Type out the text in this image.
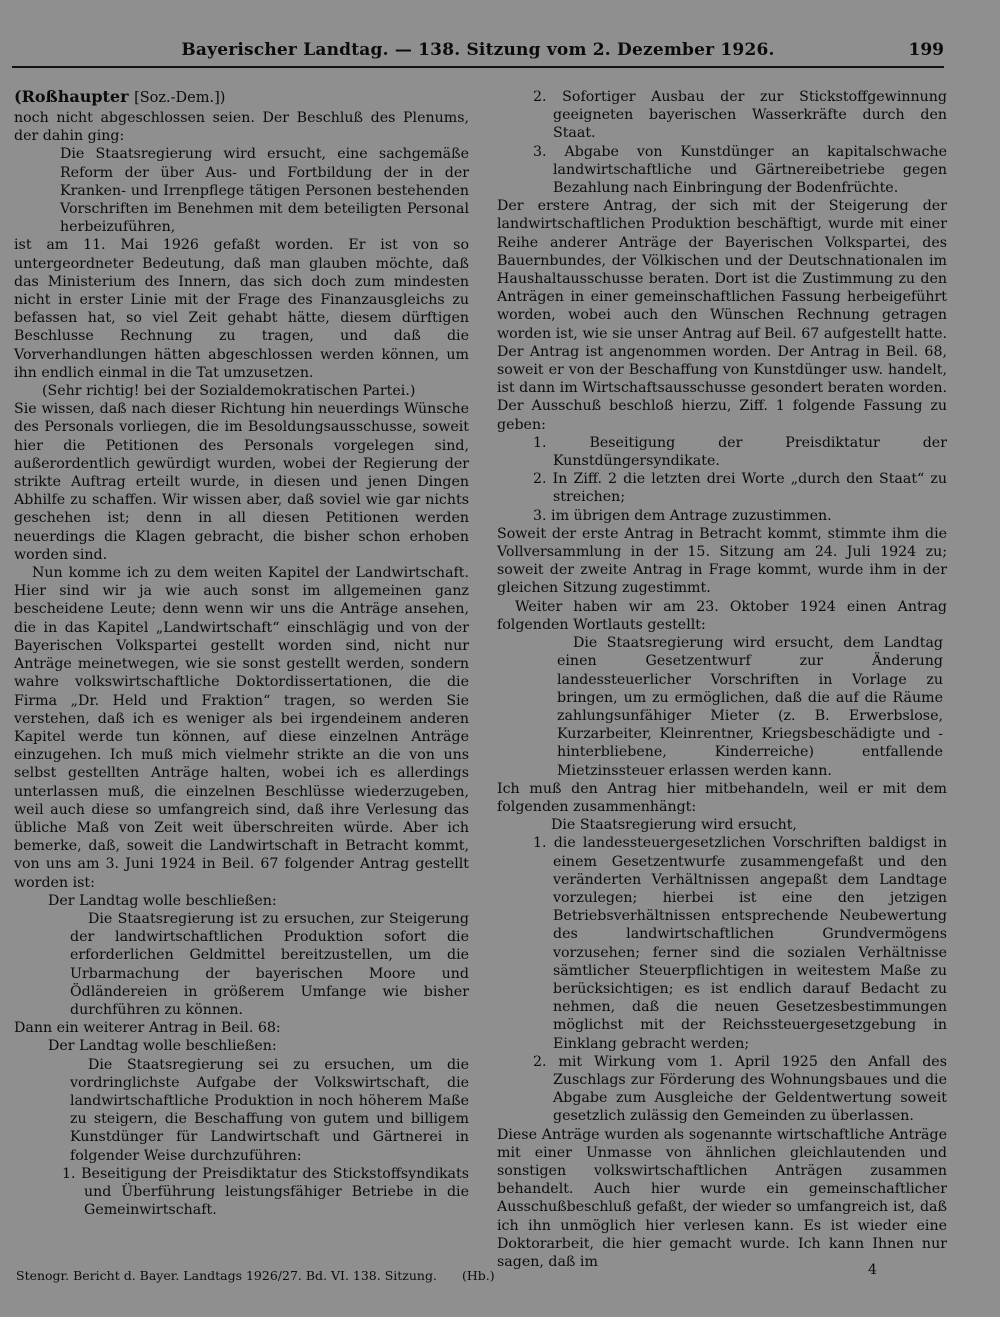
Bayerischer Landtag. — 138. Sitzung vom 2. Dezember 1926.	199

(Roßhaupter [Soz.-Dem.])

noch nicht abgeschlossen seien. Der Beschluß des Plenums, der dahin ging:

Die Staatsregierung wird ersucht, eine sachgemäße Reform der über Aus- und Fortbildung der in der Kranken- und Irrenpflege tätigen Personen bestehenden Vorschriften im Benehmen mit dem beteiligten Personal herbeizuführen,

ist am 11. Mai 1926 gefaßt worden. Er ist von so untergeordneter Bedeutung, daß man glauben möchte, daß das Ministerium des Innern, das sich doch zum mindesten nicht in erster Linie mit der Frage des Finanzausgleichs zu befassen hat, so viel Zeit gehabt hätte, diesem dürftigen Beschlusse Rechnung zu tragen, und daß die Vorverhandlungen hätten abgeschlossen werden können, um ihn endlich einmal in die Tat umzusetzen.

(Sehr richtig! bei der Sozialdemokratischen Partei.)

Sie wissen, daß nach dieser Richtung hin neuerdings Wünsche des Personals vorliegen, die im Besoldungsausschusse, soweit hier die Petitionen des Personals vorgelegen sind, außerordentlich gewürdigt wurden, wobei der Regierung der strikte Auftrag erteilt wurde, in diesen und jenen Dingen Abhilfe zu schaffen. Wir wissen aber, daß soviel wie gar nichts geschehen ist; denn in all diesen Petitionen werden neuerdings die Klagen gebracht, die bisher schon erhoben worden sind.

Nun komme ich zu dem weiten Kapitel der Landwirtschaft. Hier sind wir ja wie auch sonst im allgemeinen ganz bescheidene Leute; denn wenn wir uns die Anträge ansehen, die in das Kapitel „Landwirtschaft“ einschlägig und von der Bayerischen Volkspartei gestellt worden sind, nicht nur Anträge meinetwegen, wie sie sonst gestellt werden, sondern wahre volkswirtschaftliche Doktordissertationen, die die Firma „Dr. Held und Fraktion“ tragen, so werden Sie verstehen, daß ich es weniger als bei irgendeinem anderen Kapitel werde tun können, auf diese einzelnen Anträge einzugehen. Ich muß mich vielmehr strikte an die von uns selbst gestellten Anträge halten, wobei ich es allerdings unterlassen muß, die einzelnen Beschlüsse wiederzugeben, weil auch diese so umfangreich sind, daß ihre Verlesung das übliche Maß von Zeit weit überschreiten würde. Aber ich bemerke, daß, soweit die Landwirtschaft in Betracht kommt, von uns am 3. Juni 1924 in Beil. 67 folgender Antrag gestellt worden ist:

Der Landtag wolle beschließen:

Die Staatsregierung ist zu ersuchen, zur Steigerung der landwirtschaftlichen Produktion sofort die erforderlichen Geldmittel bereitzustellen, um die Urbarmachung der bayerischen Moore und Ödländereien in größerem Umfange wie bisher durchführen zu können.

Dann ein weiterer Antrag in Beil. 68:

Der Landtag wolle beschließen:

Die Staatsregierung sei zu ersuchen, um die vordringlichste Aufgabe der Volkswirtschaft, die landwirtschaftliche Produktion in noch höherem Maße zu steigern, die Beschaffung von gutem und billigem Kunstdünger für Landwirtschaft und Gärtnerei in folgender Weise durchzuführen:

1. Beseitigung der Preisdiktatur des Stickstoffsyndikats und Überführung leistungsfähiger Betriebe in die Gemeinwirtschaft.

2. Sofortiger Ausbau der zur Stickstoffgewinnung geeigneten bayerischen Wasserkräfte durch den Staat.

3. Abgabe von Kunstdünger an kapitalschwache landwirtschaftliche und Gärtnereibetriebe gegen Bezahlung nach Einbringung der Bodenfrüchte.

Der erstere Antrag, der sich mit der Steigerung der landwirtschaftlichen Produktion beschäftigt, wurde mit einer Reihe anderer Anträge der Bayerischen Volkspartei, des Bauernbundes, der Völkischen und der Deutschnationalen im Haushaltausschusse beraten. Dort ist die Zustimmung zu den Anträgen in einer gemeinschaftlichen Fassung herbeigeführt worden, wobei auch den Wünschen Rechnung getragen worden ist, wie sie unser Antrag auf Beil. 67 aufgestellt hatte. Der Antrag ist angenommen worden. Der Antrag in Beil. 68, soweit er von der Beschaffung von Kunstdünger usw. handelt, ist dann im Wirtschaftsausschusse gesondert beraten worden. Der Ausschuß beschloß hierzu, Ziff. 1 folgende Fassung zu geben:

1. Beseitigung der Preisdiktatur der Kunstdüngersyndikate.

2. In Ziff. 2 die letzten drei Worte „durch den Staat“ zu streichen;

3. im übrigen dem Antrage zuzustimmen.

Soweit der erste Antrag in Betracht kommt, stimmte ihm die Vollversammlung in der 15. Sitzung am 24. Juli 1924 zu; soweit der zweite Antrag in Frage kommt, wurde ihm in der gleichen Sitzung zugestimmt.

Weiter haben wir am 23. Oktober 1924 einen Antrag folgenden Wortlauts gestellt:

Die Staatsregierung wird ersucht, dem Landtag einen Gesetzentwurf zur Änderung landessteuerlicher Vorschriften in Vorlage zu bringen, um zu ermöglichen, daß die auf die Räume zahlungsunfähiger Mieter (z. B. Erwerbslose, Kurzarbeiter, Kleinrentner, Kriegsbeschädigte und -hinterbliebene, Kinderreiche) entfallende Mietzinssteuer erlassen werden kann.

Ich muß den Antrag hier mitbehandeln, weil er mit dem folgenden zusammenhängt:

Die Staatsregierung wird ersucht,

1. die landessteuergesetzlichen Vorschriften baldigst in einem Gesetzentwurfe zusammengefaßt und den veränderten Verhältnissen angepaßt dem Landtage vorzulegen; hierbei ist eine den jetzigen Betriebsverhältnissen entsprechende Neubewertung des landwirtschaftlichen Grundvermögens vorzusehen; ferner sind die sozialen Verhältnisse sämtlicher Steuerpflichtigen in weitestem Maße zu berücksichtigen; es ist endlich darauf Bedacht zu nehmen, daß die neuen Gesetzesbestimmungen möglichst mit der Reichssteuergesetzgebung in Einklang gebracht werden;

2. mit Wirkung vom 1. April 1925 den Anfall des Zuschlags zur Förderung des Wohnungsbaues und die Abgabe zum Ausgleiche der Geldentwertung soweit gesetzlich zulässig den Gemeinden zu überlassen.

Diese Anträge wurden als sogenannte wirtschaftliche Anträge mit einer Unmasse von ähnlichen gleichlautenden und sonstigen volkswirtschaftlichen Anträgen zusammen behandelt. Auch hier wurde ein gemeinschaftlicher Ausschußbeschluß gefaßt, der wieder so umfangreich ist, daß ich ihn unmöglich hier verlesen kann. Es ist wieder eine Doktorarbeit, die hier gemacht wurde. Ich kann Ihnen nur sagen, daß im

Stenogr. Bericht d. Bayer. Landtags 1926/27. Bd. VI. 138. Sitzung.	(Hb.)	4
